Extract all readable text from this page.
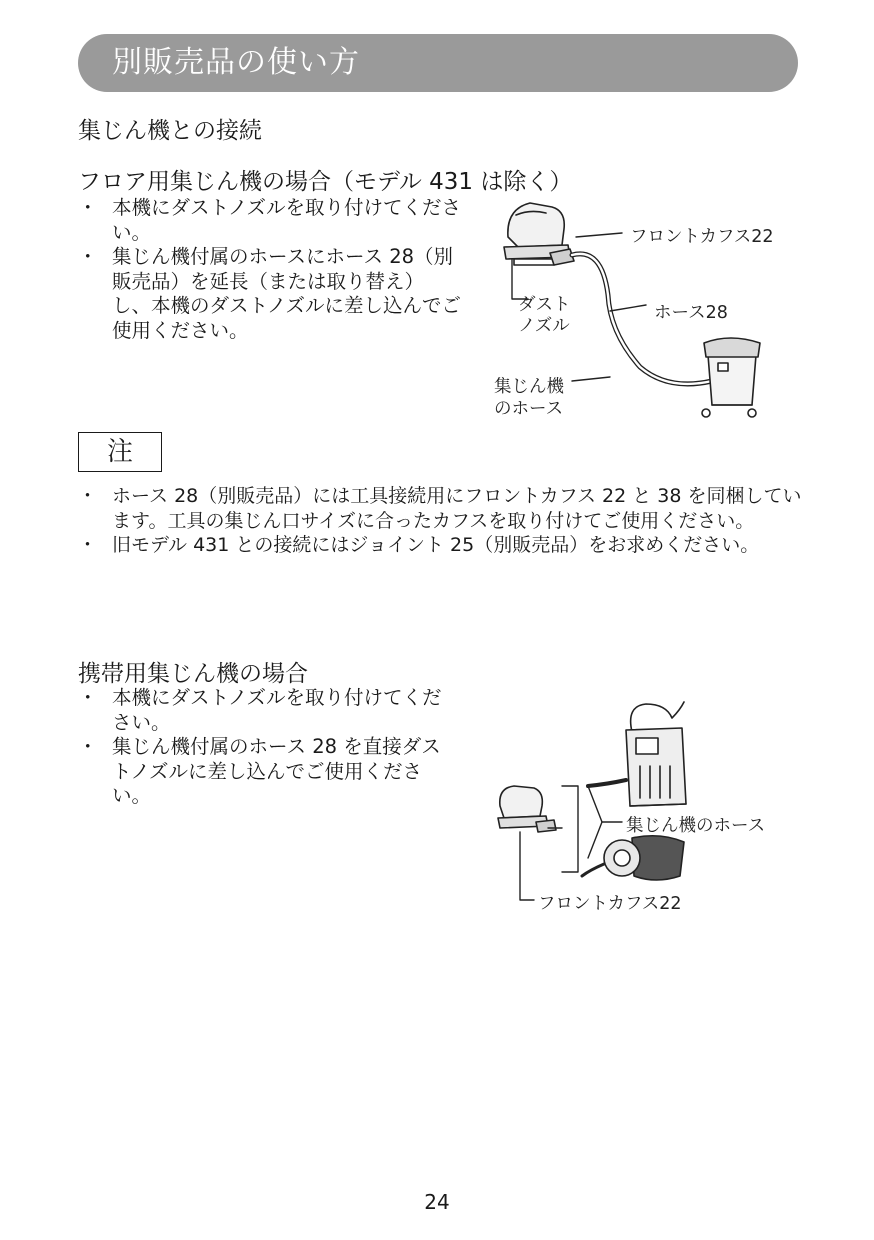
別販売品の使い方
集じん機との接続
フロア用集じん機の場合（モデル 431 は除く）
・ 本機にダストノズルを取り付けてください。
・ 集じん機付属のホースにホース 28（別販売品）を延長（または取り替え）し、本機のダストノズルに差し込んでご使用ください。
フロントカフス22
ダスト
ノズル
ホース28
集じん機
のホース
注
・ ホース 28（別販売品）には工具接続用にフロントカフス 22 と 38 を同梱しています。工具の集じん口サイズに合ったカフスを取り付けてご使用ください。
・ 旧モデル 431 との接続にはジョイント 25（別販売品）をお求めください。
携帯用集じん機の場合
・ 本機にダストノズルを取り付けてください。
・ 集じん機付属のホース 28 を直接ダストノズルに差し込んでご使用ください。
集じん機のホース
フロントカフス22
24
